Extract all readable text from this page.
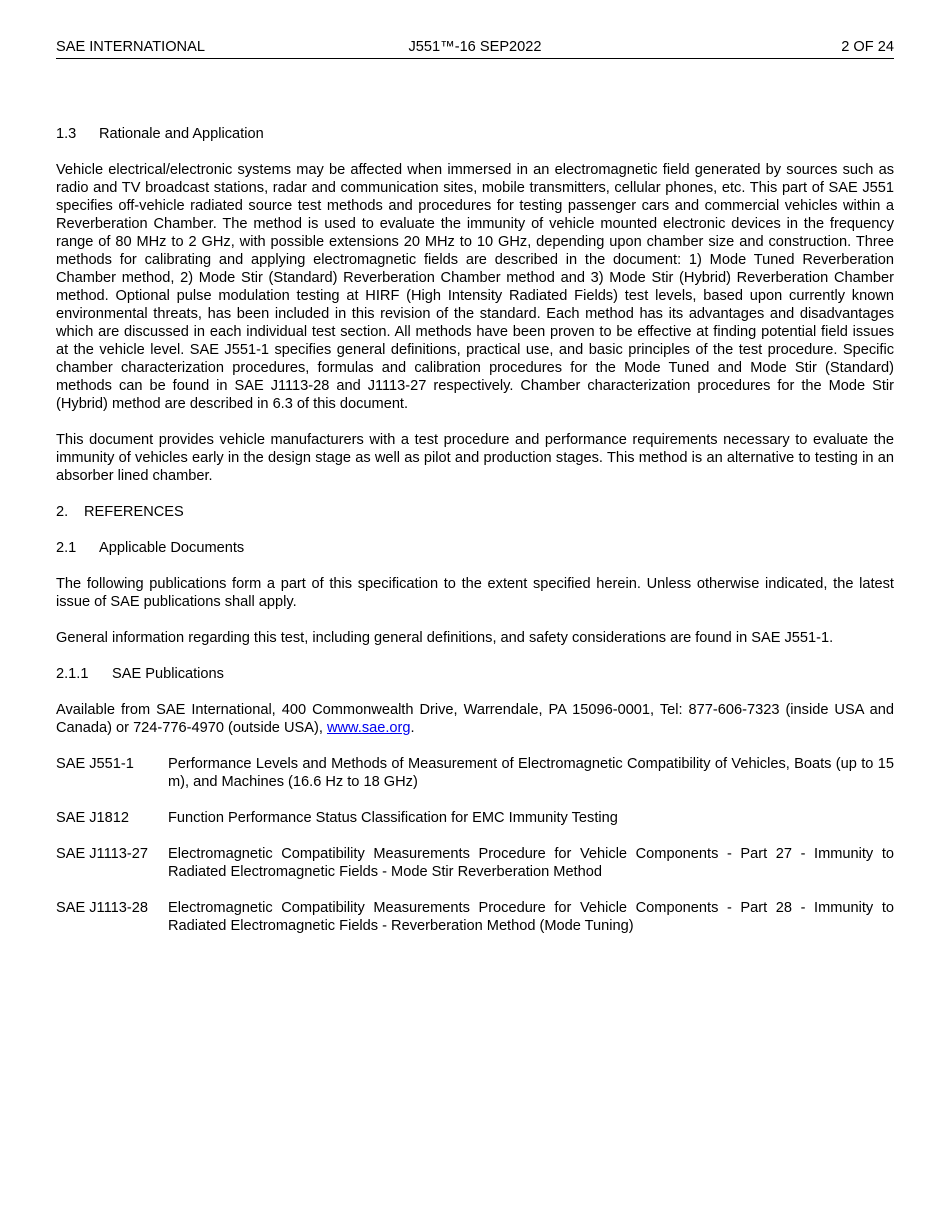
SAE INTERNATIONAL	J551™-16 SEP2022	2 OF 24
1.3 Rationale and Application

Vehicle electrical/electronic systems may be affected when immersed in an electromagnetic field generated by sources such as radio and TV broadcast stations, radar and communication sites, mobile transmitters, cellular phones, etc. This part of SAE J551 specifies off-vehicle radiated source test methods and procedures for testing passenger cars and commercial vehicles within a Reverberation Chamber. The method is used to evaluate the immunity of vehicle mounted electronic devices in the frequency range of 80 MHz to 2 GHz, with possible extensions 20 MHz to 10 GHz, depending upon chamber size and construction. Three methods for calibrating and applying electromagnetic fields are described in the document: 1) Mode Tuned Reverberation Chamber method, 2) Mode Stir (Standard) Reverberation Chamber method and 3) Mode Stir (Hybrid) Reverberation Chamber method. Optional pulse modulation testing at HIRF (High Intensity Radiated Fields) test levels, based upon currently known environmental threats, has been included in this revision of the standard. Each method has its advantages and disadvantages which are discussed in each individual test section. All methods have been proven to be effective at finding potential field issues at the vehicle level. SAE J551-1 specifies general definitions, practical use, and basic principles of the test procedure. Specific chamber characterization procedures, formulas and calibration procedures for the Mode Tuned and Mode Stir (Standard) methods can be found in SAE J1113-28 and J1113-27 respectively. Chamber characterization procedures for the Mode Stir (Hybrid) method are described in 6.3 of this document.

This document provides vehicle manufacturers with a test procedure and performance requirements necessary to evaluate the immunity of vehicles early in the design stage as well as pilot and production stages. This method is an alternative to testing in an absorber lined chamber.

2. REFERENCES
2.1 Applicable Documents

The following publications form a part of this specification to the extent specified herein. Unless otherwise indicated, the latest issue of SAE publications shall apply.

General information regarding this test, including general definitions, and safety considerations are found in SAE J551-1.

2.1.1 SAE Publications

Available from SAE International, 400 Commonwealth Drive, Warrendale, PA 15096-0001, Tel: 877-606-7323 (inside USA and Canada) or 724-776-4970 (outside USA), www.sae.org.

SAE J551-1	Performance Levels and Methods of Measurement of Electromagnetic Compatibility of Vehicles, Boats (up to 15 m), and Machines (16.6 Hz to 18 GHz)
SAE J1812	Function Performance Status Classification for EMC Immunity Testing
SAE J1113-27	Electromagnetic Compatibility Measurements Procedure for Vehicle Components - Part 27 - Immunity to Radiated Electromagnetic Fields - Mode Stir Reverberation Method
SAE J1113-28	Electromagnetic Compatibility Measurements Procedure for Vehicle Components - Part 28 - Immunity to Radiated Electromagnetic Fields - Reverberation Method (Mode Tuning)
